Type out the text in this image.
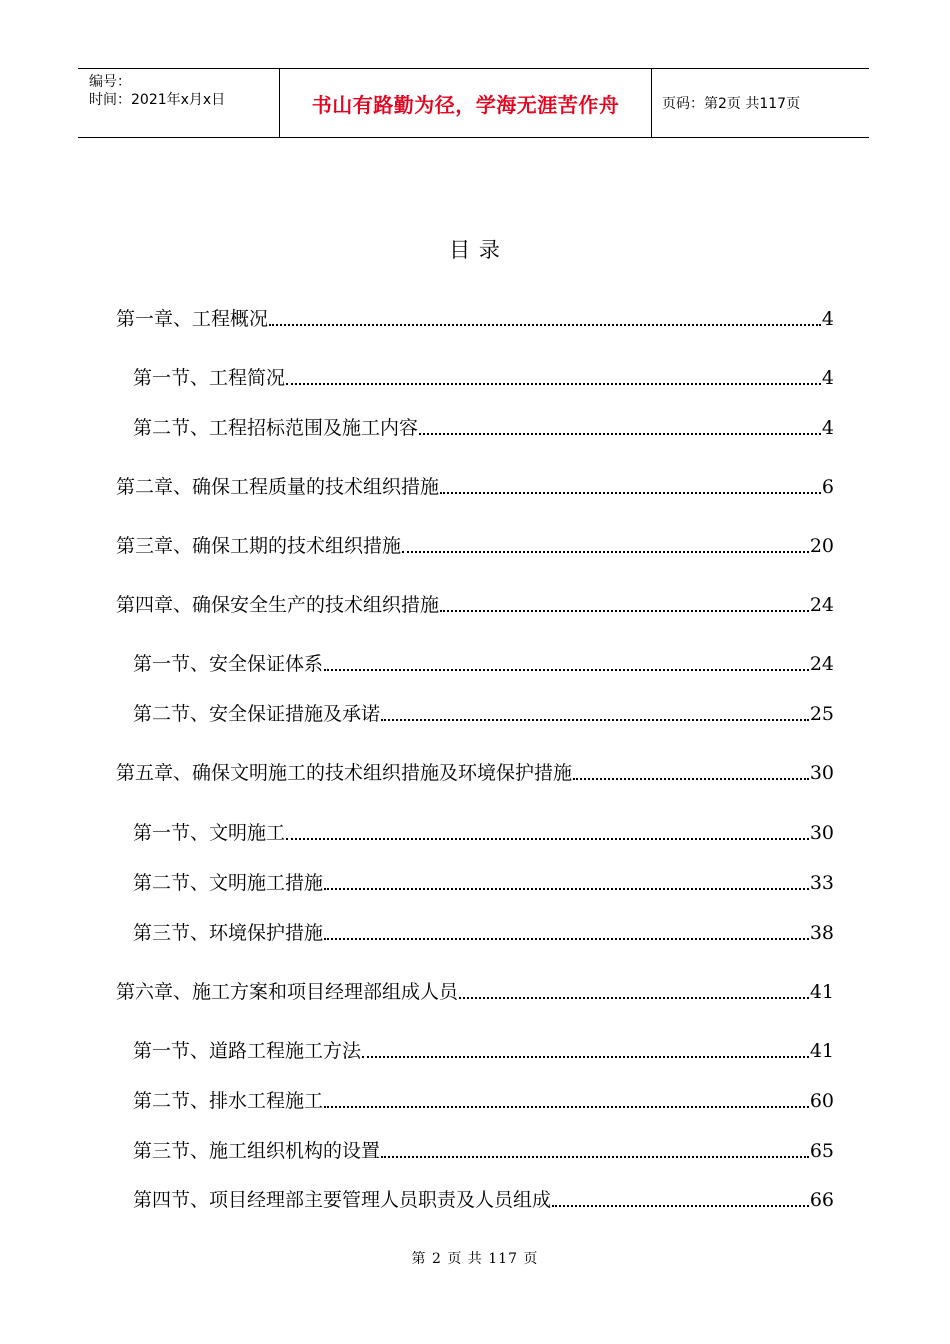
编号：
时间：2021年x月x日	书山有路勤为径，学海无涯苦作舟	页码：第2页 共117页
目 录
第一章、工程概况	4
第一节、工程简况	4
第二节、工程招标范围及施工内容	4
第二章、确保工程质量的技术组织措施	6
第三章、确保工期的技术组织措施	20
第四章、确保安全生产的技术组织措施	24
第一节、安全保证体系	24
第二节、安全保证措施及承诺	25
第五章、确保文明施工的技术组织措施及环境保护措施	30
第一节、文明施工	30
第二节、文明施工措施	33
第三节、环境保护措施	38
第六章、施工方案和项目经理部组成人员	41
第一节、道路工程施工方法	41
第二节、排水工程施工	60
第三节、施工组织机构的设置	65
第四节、项目经理部主要管理人员职责及人员组成	66
第 2 页 共 117 页
